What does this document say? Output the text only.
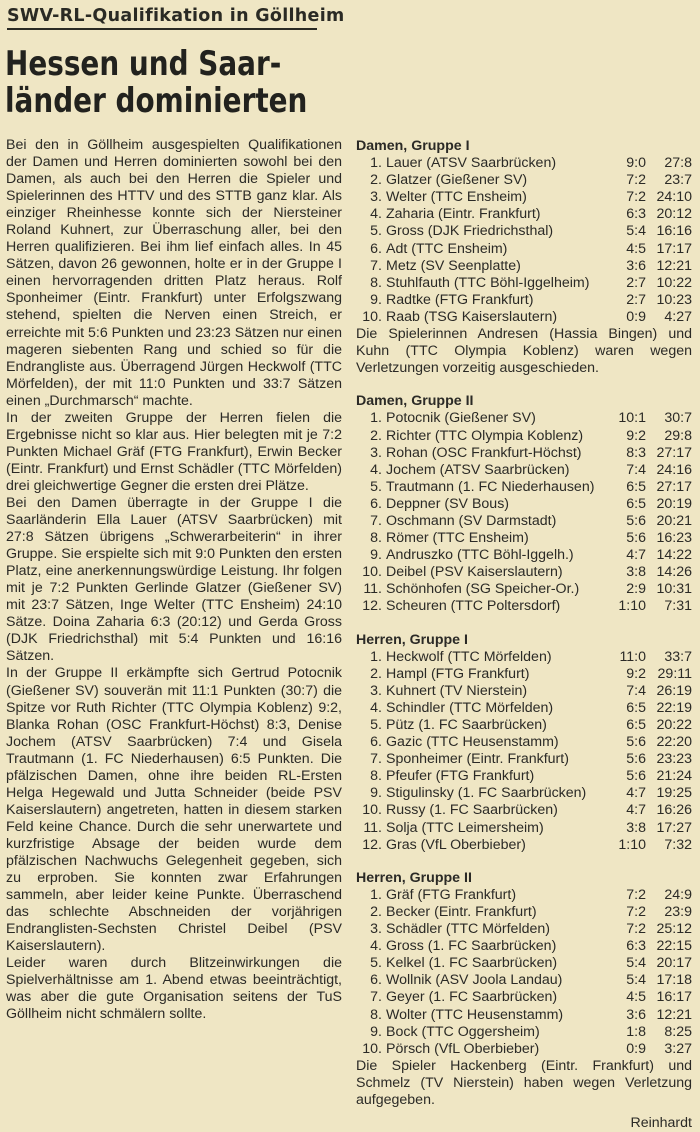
SWV-RL-Qualifikation in Göllheim
Hessen und Saar-
länder dominierten

Bei den in Göllheim ausgespielten Qualifikationen der Damen und Herren dominierten sowohl bei den Damen, als auch bei den Herren die Spieler und Spielerinnen des HTTV und des STTB ganz klar. Als einziger Rheinhesse konnte sich der Niersteiner Roland Kuhnert, zur Überraschung aller, bei den Herren qualifizieren. Bei ihm lief einfach alles. In 45 Sätzen, davon 26 gewonnen, holte er in der Gruppe I einen hervorragenden dritten Platz heraus. Rolf Sponheimer (Eintr. Frankfurt) unter Erfolgszwang stehend, spielten die Nerven einen Streich, er erreichte mit 5:6 Punkten und 23:23 Sätzen nur einen mageren siebenten Rang und schied so für die Endrangliste aus. Überragend Jürgen Heckwolf (TTC Mörfelden), der mit 11:0 Punkten und 33:7 Sätzen einen „Durchmarsch“ machte.

In der zweiten Gruppe der Herren fielen die Ergebnisse nicht so klar aus. Hier belegten mit je 7:2 Punkten Michael Gräf (FTG Frankfurt), Erwin Becker (Eintr. Frankfurt) und Ernst Schädler (TTC Mörfelden) drei gleichwertige Gegner die ersten drei Plätze.

Bei den Damen überragte in der Gruppe I die Saarländerin Ella Lauer (ATSV Saarbrücken) mit 27:8 Sätzen übrigens „Schwerarbeiterin“ in ihrer Gruppe. Sie erspielte sich mit 9:0 Punkten den ersten Platz, eine anerkennungswürdige Leistung. Ihr folgen mit je 7:2 Punkten Gerlinde Glatzer (Gießener SV) mit 23:7 Sätzen, Inge Welter (TTC Ensheim) 24:10 Sätze. Doina Zaharia 6:3 (20:12) und Gerda Gross (DJK Friedrichsthal) mit 5:4 Punkten und 16:16 Sätzen.

In der Gruppe II erkämpfte sich Gertrud Potocnik (Gießener SV) souverän mit 11:1 Punkten (30:7) die Spitze vor Ruth Richter (TTC Olympia Koblenz) 9:2, Blanka Rohan (OSC Frankfurt-Höchst) 8:3, Denise Jochem (ATSV Saarbrücken) 7:4 und Gisela Trautmann (1. FC Niederhausen) 6:5 Punkten. Die pfälzischen Damen, ohne ihre beiden RL-Ersten Helga Hegewald und Jutta Schneider (beide PSV Kaiserslautern) angetreten, hatten in diesem starken Feld keine Chance. Durch die sehr unerwartete und kurzfristige Absage der beiden wurde dem pfälzischen Nachwuchs Gelegenheit gegeben, sich zu erproben. Sie konnten zwar Erfahrungen sammeln, aber leider keine Punkte. Überraschend das schlechte Abschneiden der vorjährigen Endranglisten-Sechsten Christel Deibel (PSV Kaiserslautern).

Leider waren durch Blitzeinwirkungen die Spielverhältnisse am 1. Abend etwas beeinträchtigt, was aber die gute Organisation seitens der TuS Göllheim nicht schmälern sollte.

Damen, Gruppe I
1. Lauer (ATSV Saarbrücken)	9:0	27:8
2. Glatzer (Gießener SV)	7:2	23:7
3. Welter (TTC Ensheim)	7:2 24:10
4. Zaharia (Eintr. Frankfurt)	6:3 20:12
5. Gross (DJK Friedrichsthal)	5:4 16:16
6. Adt (TTC Ensheim)	4:5 17:17
7. Metz (SV Seenplatte)	3:6 12:21
8. Stuhlfauth (TTC Böhl-Iggelheim)	2:7 10:22
9. Radtke (FTG Frankfurt)	2:7 10:23
10. Raab (TSG Kaiserslautern)	0:9	4:27
Die Spielerinnen Andresen (Hassia Bingen) und Kuhn (TTC Olympia Koblenz) waren wegen Verletzungen vorzeitig ausgeschieden.
Damen, Gruppe II
1. Potocnik (Gießener SV)	10:1	30:7
2. Richter (TTC Olympia Koblenz)	9:2	29:8
3. Rohan (OSC Frankfurt-Höchst)	8:3 27:17
4. Jochem (ATSV Saarbrücken)	7:4 24:16
5. Trautmann (1. FC Niederhausen)	6:5 27:17
6. Deppner (SV Bous)	6:5 20:19
7. Oschmann (SV Darmstadt)	5:6 20:21
8. Römer (TTC Ensheim)	5:6 16:23
9. Andruszko (TTC Böhl-Iggelh.)	4:7 14:22
10. Deibel (PSV Kaiserslautern)	3:8 14:26
11. Schönhofen (SG Speicher-Or.)	2:9 10:31
12. Scheuren (TTC Poltersdorf)	1:10	7:31
Herren, Gruppe I
1. Heckwolf (TTC Mörfelden)	11:0	33:7
2. Hampl (FTG Frankfurt)	9:2 29:11
3. Kuhnert (TV Nierstein)	7:4 26:19
4. Schindler (TTC Mörfelden)	6:5 22:19
5. Pütz (1. FC Saarbrücken)	6:5 20:22
6. Gazic (TTC Heusenstamm)	5:6 22:20
7. Sponheimer (Eintr. Frankfurt)	5:6 23:23
8. Pfeufer (FTG Frankfurt)	5:6 21:24
9. Stigulinsky (1. FC Saarbrücken)	4:7 19:25
10. Russy (1. FC Saarbrücken)	4:7 16:26
11. Solja (TTC Leimersheim)	3:8 17:27
12. Gras (VfL Oberbieber)	1:10	7:32
Herren, Gruppe II
1. Gräf (FTG Frankfurt)	7:2	24:9
2. Becker (Eintr. Frankfurt)	7:2	23:9
3. Schädler (TTC Mörfelden)	7:2 25:12
4. Gross (1. FC Saarbrücken)	6:3 22:15
5. Kelkel (1. FC Saarbrücken)	5:4 20:17
6. Wollnik (ASV Joola Landau)	5:4 17:18
7. Geyer (1. FC Saarbrücken)	4:5 16:17
8. Wolter (TTC Heusenstamm)	3:6 12:21
9. Bock (TTC Oggersheim)	1:8	8:25
10. Pörsch (VfL Oberbieber)	0:9	3:27
Die Spieler Hackenberg (Eintr. Frankfurt) und Schmelz (TV Nierstein) haben wegen Verletzung aufgegeben.
Reinhardt
